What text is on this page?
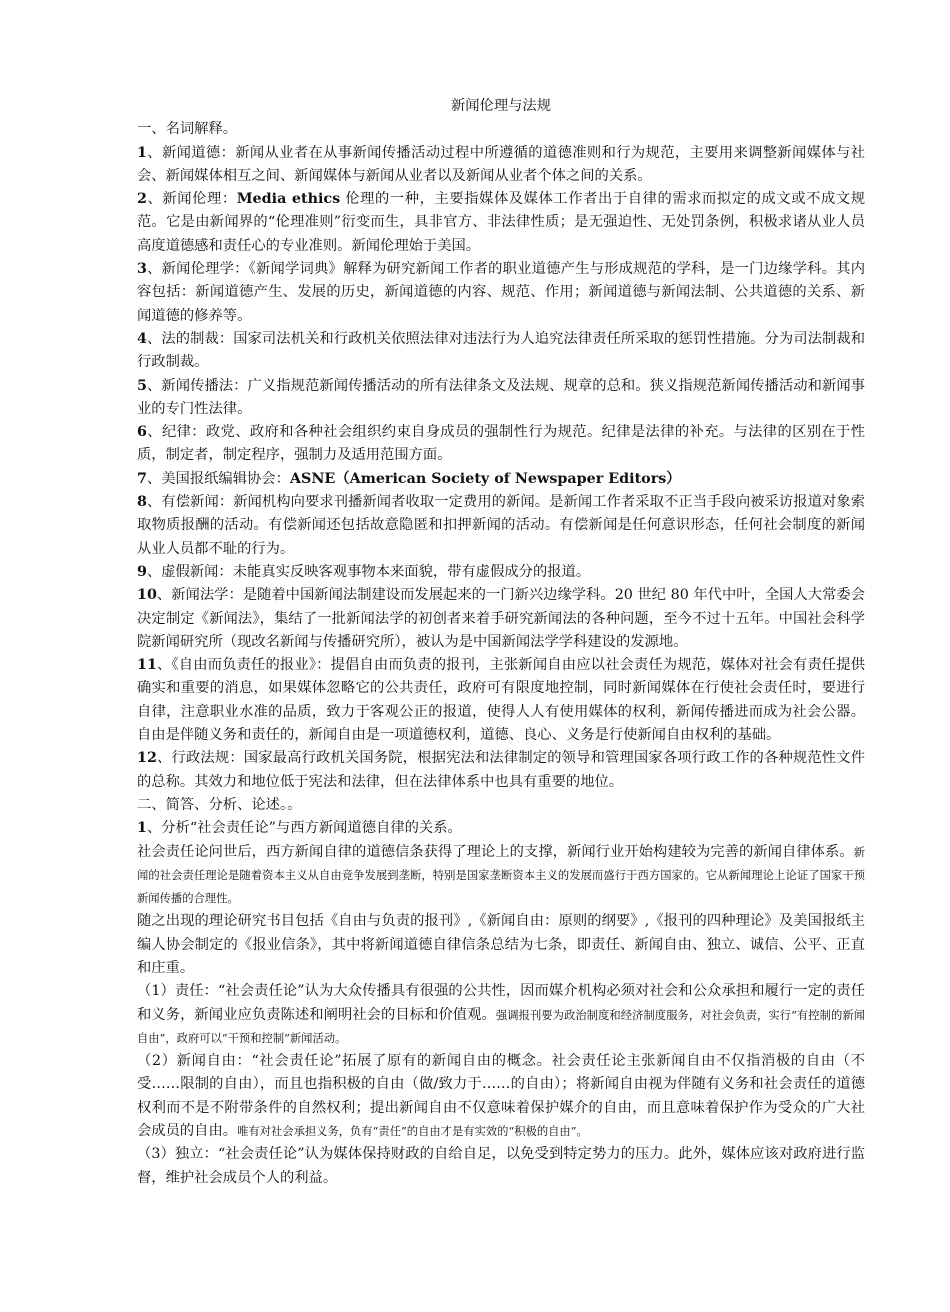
新闻伦理与法规

一、名词解释。

1、新闻道德：新闻从业者在从事新闻传播活动过程中所遵循的道德准则和行为规范，主要用来调整新闻媒体与社会、新闻媒体相互之间、新闻媒体与新闻从业者以及新闻从业者个体之间的关系。

2、新闻伦理：Media ethics 伦理的一种，主要指媒体及媒体工作者出于自律的需求而拟定的成文或不成文规范。它是由新闻界的“伦理准则”衍变而生，具非官方、非法律性质；是无强迫性、无处罚条例，积极求诸从业人员高度道德感和责任心的专业准则。新闻伦理始于美国。

3、新闻伦理学：《新闻学词典》解释为研究新闻工作者的职业道德产生与形成规范的学科，是一门边缘学科。其内容包括：新闻道德产生、发展的历史，新闻道德的内容、规范、作用；新闻道德与新闻法制、公共道德的关系、新闻道德的修养等。

4、法的制裁：国家司法机关和行政机关依照法律对违法行为人追究法律责任所采取的惩罚性措施。分为司法制裁和行政制裁。

5、新闻传播法：广义指规范新闻传播活动的所有法律条文及法规、规章的总和。狭义指规范新闻传播活动和新闻事业的专门性法律。

6、纪律：政党、政府和各种社会组织约束自身成员的强制性行为规范。纪律是法律的补充。与法律的区别在于性质，制定者，制定程序，强制力及适用范围方面。

7、美国报纸编辑协会：ASNE（American Society of Newspaper Editors）

8、有偿新闻：新闻机构向要求刊播新闻者收取一定费用的新闻。是新闻工作者采取不正当手段向被采访报道对象索取物质报酬的活动。有偿新闻还包括故意隐匿和扣押新闻的活动。有偿新闻是任何意识形态，任何社会制度的新闻从业人员都不耻的行为。

9、虚假新闻：未能真实反映客观事物本来面貌，带有虚假成分的报道。

10、新闻法学：是随着中国新闻法制建设而发展起来的一门新兴边缘学科。20 世纪 80 年代中叶，全国人大常委会决定制定《新闻法》，集结了一批新闻法学的初创者来着手研究新闻法的各种问题，至今不过十五年。中国社会科学院新闻研究所（现改名新闻与传播研究所），被认为是中国新闻法学学科建设的发源地。

11、《自由而负责任的报业》：提倡自由而负责的报刊，主张新闻自由应以社会责任为规范，媒体对社会有责任提供确实和重要的消息，如果媒体忽略它的公共责任，政府可有限度地控制，同时新闻媒体在行使社会责任时，要进行自律，注意职业水准的品质，致力于客观公正的报道，使得人人有使用媒体的权利，新闻传播进而成为社会公器。自由是伴随义务和责任的，新闻自由是一项道德权利，道德、良心、义务是行使新闻自由权利的基础。

12、行政法规：国家最高行政机关国务院，根据宪法和法律制定的领导和管理国家各项行政工作的各种规范性文件的总称。其效力和地位低于宪法和法律，但在法律体系中也具有重要的地位。

二、简答、分析、论述。。

1、分析“社会责任论”与西方新闻道德自律的关系。

社会责任论问世后，西方新闻自律的道德信条获得了理论上的支撑，新闻行业开始构建较为完善的新闻自律体系。新闻的社会责任理论是随着资本主义从自由竞争发展到垄断，特别是国家垄断资本主义的发展而盛行于西方国家的。它从新闻理论上论证了国家干预新闻传播的合理性。

随之出现的理论研究书目包括《自由与负责的报刊》,《新闻自由：原则的纲要》,《报刊的四种理论》及美国报纸主编人协会制定的《报业信条》，其中将新闻道德自律信条总结为七条，即责任、新闻自由、独立、诚信、公平、正直和庄重。

（1）责任：“社会责任论”认为大众传播具有很强的公共性，因而媒介机构必须对社会和公众承担和履行一定的责任和义务，新闻业应负责陈述和阐明社会的目标和价值观。强调报刊要为政治制度和经济制度服务，对社会负责，实行“有控制的新闻自由”，政府可以“干预和控制”新闻活动。

（2）新闻自由：“社会责任论”拓展了原有的新闻自由的概念。社会责任论主张新闻自由不仅指消极的自由（不受……限制的自由），而且也指积极的自由（做/致力于……的自由）；将新闻自由视为伴随有义务和社会责任的道德权利而不是不附带条件的自然权利；提出新闻自由不仅意味着保护媒介的自由，而且意味着保护作为受众的广大社会成员的自由。唯有对社会承担义务，负有“责任”的自由才是有实效的“积极的自由”。

（3）独立：“社会责任论”认为媒体保持财政的自给自足，以免受到特定势力的压力。此外，媒体应该对政府进行监督，维护社会成员个人的利益。
